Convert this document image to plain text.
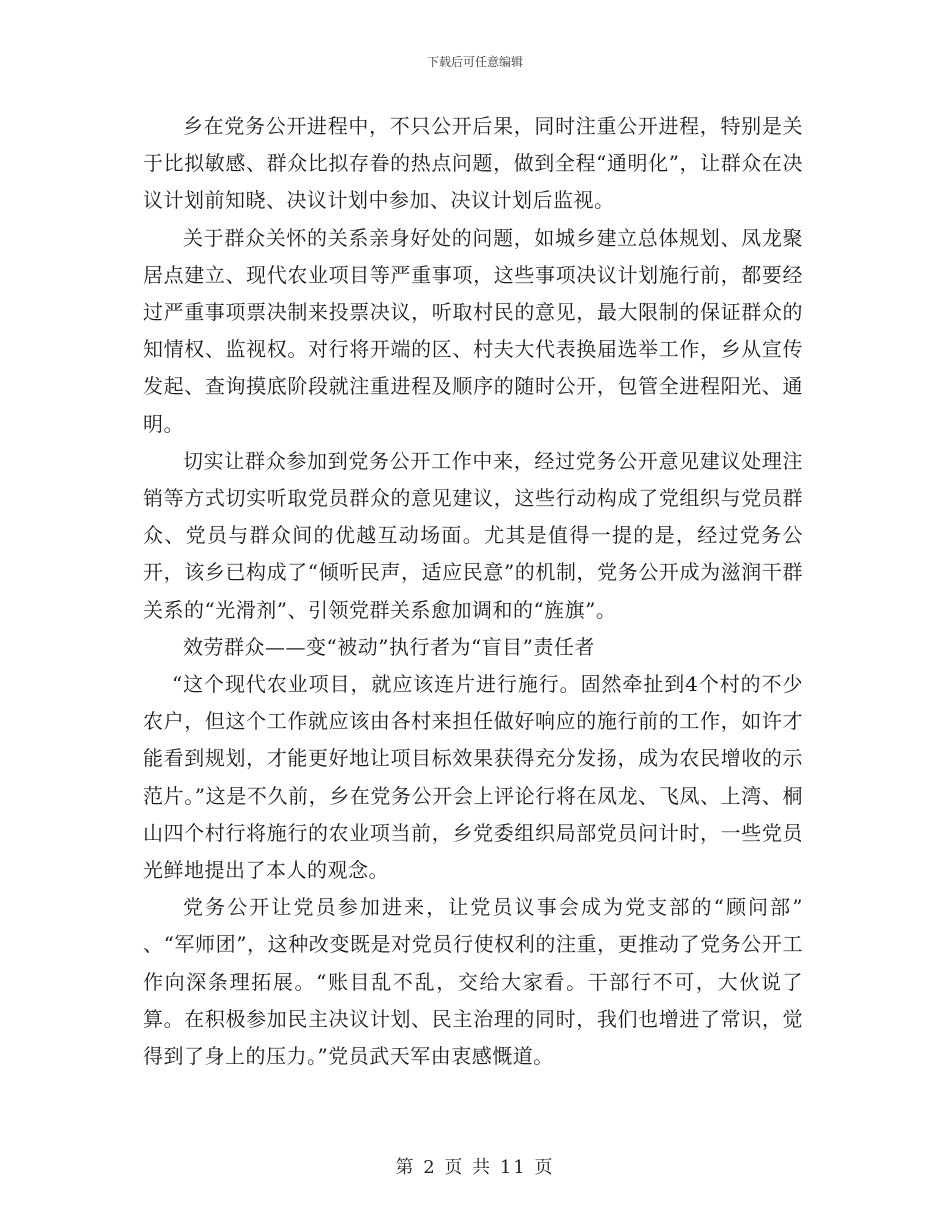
下载后可任意编辑

乡在党务公开进程中，不只公开后果，同时注重公开进程，特别是关于比拟敏感、群众比拟存眷的热点问题，做到全程“通明化”，让群众在决议计划前知晓、决议计划中参加、决议计划后监视。

关于群众关怀的关系亲身好处的问题，如城乡建立总体规划、凤龙聚居点建立、现代农业项目等严重事项，这些事项决议计划施行前，都要经过严重事项票决制来投票决议，听取村民的意见，最大限制的保证群众的知情权、监视权。对行将开端的区、村夫大代表换届选举工作，乡从宣传发起、查询摸底阶段就注重进程及顺序的随时公开，包管全进程阳光、通明。

切实让群众参加到党务公开工作中来，经过党务公开意见建议处理注销等方式切实听取党员群众的意见建议，这些行动构成了党组织与党员群众、党员与群众间的优越互动场面。尤其是值得一提的是，经过党务公开，该乡已构成了“倾听民声，适应民意”的机制，党务公开成为滋润干群关系的“光滑剂”、引领党群关系愈加调和的“旌旗”。

效劳群众——变“被动”执行者为“盲目”责任者

“这个现代农业项目，就应该连片进行施行。固然牵扯到4个村的不少农户，但这个工作就应该由各村来担任做好响应的施行前的工作，如许才能看到规划，才能更好地让项目标效果获得充分发扬，成为农民增收的示范片。”这是不久前，乡在党务公开会上评论行将在凤龙、飞凤、上湾、桐山四个村行将施行的农业项当前，乡党委组织局部党员问计时，一些党员光鲜地提出了本人的观念。

党务公开让党员参加进来，让党员议事会成为党支部的“顾问部” 、“军师团”，这种改变既是对党员行使权利的注重，更推动了党务公开工作向深条理拓展。“账目乱不乱，交给大家看。干部行不可，大伙说了算。在积极参加民主决议计划、民主治理的同时，我们也增进了常识，觉得到了身上的压力。”党员武天军由衷感慨道。

第 2 页 共 11 页
